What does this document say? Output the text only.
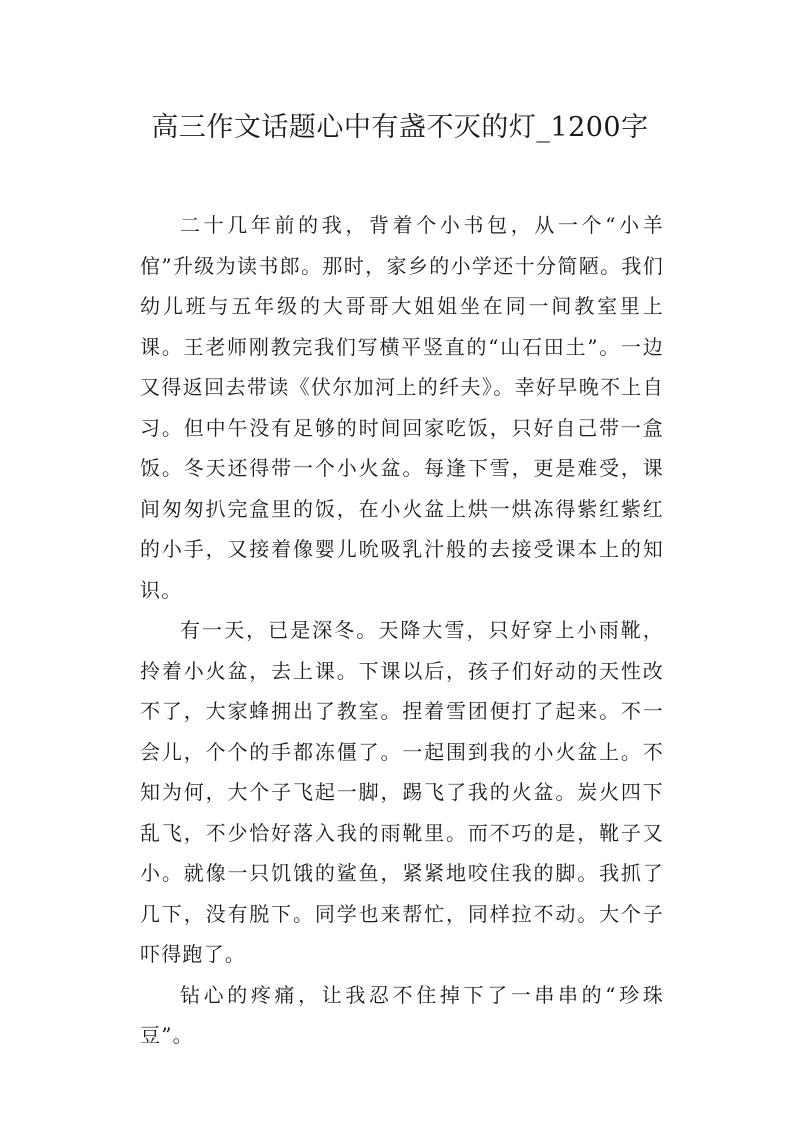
高三作文话题心中有盏不灭的灯_1200字

二十几年前的我，背着个小书包，从一个“小羊倌”升级为读书郎。那时，家乡的小学还十分简陋。我们幼儿班与五年级的大哥哥大姐姐坐在同一间教室里上课。王老师刚教完我们写横平竖直的“山石田土”。一边又得返回去带读《伏尔加河上的纤夫》。幸好早晚不上自习。但中午没有足够的时间回家吃饭，只好自己带一盒饭。冬天还得带一个小火盆。每逢下雪，更是难受，课间匆匆扒完盒里的饭，在小火盆上烘一烘冻得紫红紫红的小手，又接着像婴儿吮吸乳汁般的去接受课本上的知识。

有一天，已是深冬。天降大雪，只好穿上小雨靴，拎着小火盆，去上课。下课以后，孩子们好动的天性改不了，大家蜂拥出了教室。捏着雪团便打了起来。不一会儿，个个的手都冻僵了。一起围到我的小火盆上。不知为何，大个子飞起一脚，踢飞了我的火盆。炭火四下乱飞，不少恰好落入我的雨靴里。而不巧的是，靴子又小。就像一只饥饿的鲨鱼，紧紧地咬住我的脚。我抓了几下，没有脱下。同学也来帮忙，同样拉不动。大个子吓得跑了。

钻心的疼痛，让我忍不住掉下了一串串的“珍珠豆”。
